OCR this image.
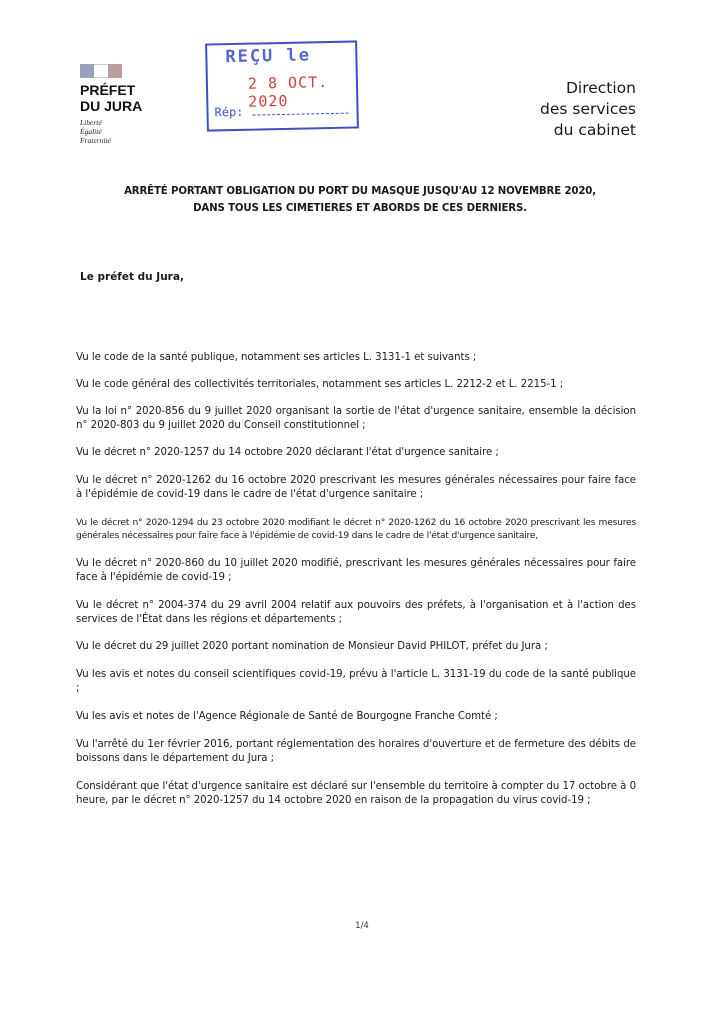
PRÉFET
DU JURA
Liberté
Égalité
Fraternité
REÇU le
2 8 OCT. 2020
Rép:
Direction
des services
du cabinet
ARRÊTÉ PORTANT OBLIGATION DU PORT DU MASQUE JUSQU'AU 12 NOVEMBRE 2020,
DANS TOUS LES CIMETIERES ET ABORDS DE CES DERNIERS.
Le préfet du Jura,
Vu le code de la santé publique, notamment ses articles L. 3131-1 et suivants ;
Vu le code général des collectivités territoriales, notamment ses articles L. 2212-2 et L. 2215-1 ;
Vu la loi n° 2020-856 du 9 juillet 2020 organisant la sortie de l'état d'urgence sanitaire, ensemble la décision n° 2020-803 du 9 juillet 2020 du Conseil constitutionnel ;
Vu le décret n° 2020-1257 du 14 octobre 2020 déclarant l'état d'urgence sanitaire ;
Vu le décret n° 2020-1262 du 16 octobre 2020 prescrivant les mesures générales nécessaires pour faire face à l'épidémie de covid-19 dans le cadre de l'état d'urgence sanitaire ;
Vu le décret n° 2020-1294 du 23 octobre 2020 modifiant le décret n° 2020-1262 du 16 octobre 2020 prescrivant les mesures générales nécessaires pour faire face à l'épidémie de covid-19 dans le cadre de l'état d'urgence sanitaire,
Vu le décret n° 2020-860 du 10 juillet 2020 modifié, prescrivant les mesures générales nécessaires pour faire face à l'épidémie de covid-19 ;
Vu le décret n° 2004-374 du 29 avril 2004 relatif aux pouvoirs des préfets, à l'organisation et à l'action des services de l'État dans les régions et départements ;
Vu le décret du 29 juillet 2020 portant nomination de Monsieur David PHILOT, préfet du Jura ;
Vu les avis et notes du conseil scientifiques covid-19, prévu à l'article L. 3131-19 du code de la santé publique ;
Vu les avis et notes de l'Agence Régionale de Santé de Bourgogne Franche Comté ;
Vu l'arrêté du 1er février 2016, portant réglementation des horaires d'ouverture et de fermeture des débits de boissons dans le département du Jura ;
Considérant que l'état d'urgence sanitaire est déclaré sur l'ensemble du territoire à compter du 17 octobre à 0 heure, par le décret n° 2020-1257 du 14 octobre 2020 en raison de la propagation du virus covid-19 ;
1/4
